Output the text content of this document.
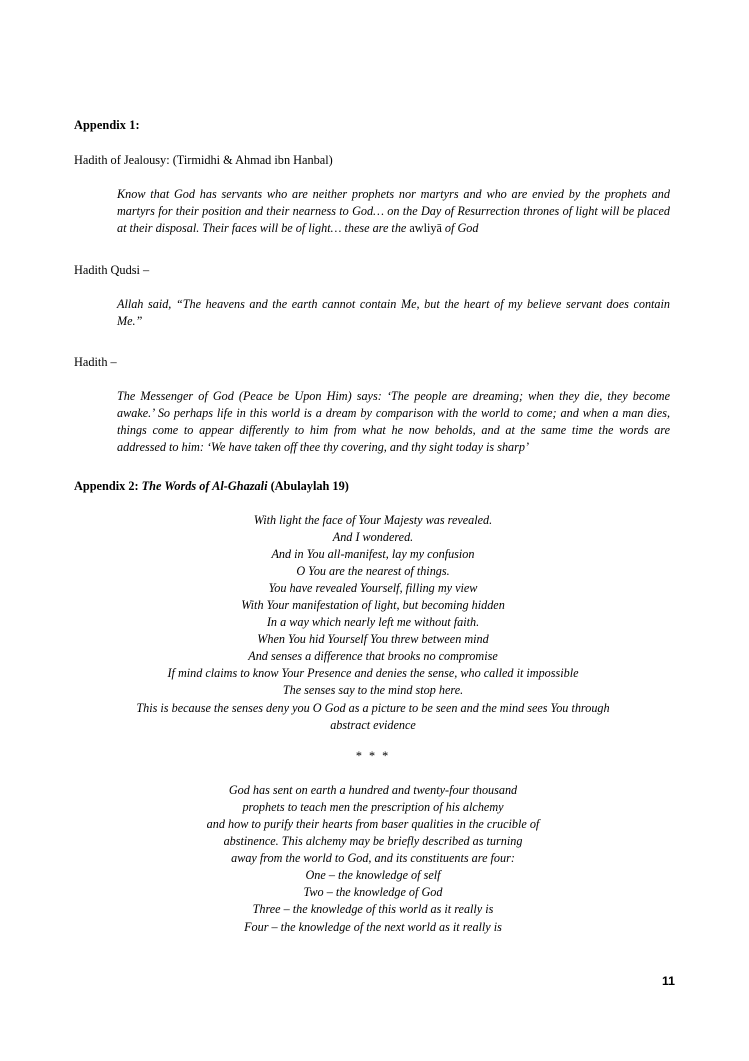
Appendix 1:
Hadith of Jealousy: (Tirmidhi & Ahmad ibn Hanbal)
Know that God has servants who are neither prophets nor martyrs and who are envied by the prophets and martyrs for their position and their nearness to God… on the Day of Resurrection thrones of light will be placed at their disposal. Their faces will be of light… these are the awliyā of God
Hadith Qudsi –
Allah said, “The heavens and the earth cannot contain Me, but the heart of my believe servant does contain Me.”
Hadith –
The Messenger of God (Peace be Upon Him) says: ‘The people are dreaming; when they die, they become awake.’ So perhaps life in this world is a dream by comparison with the world to come; and when a man dies, things come to appear differently to him from what he now beholds, and at the same time the words are addressed to him: ‘We have taken off thee thy covering, and thy sight today is sharp’
Appendix 2: The Words of Al-Ghazali (Abulaylah 19)
With light the face of Your Majesty was revealed.
And I wondered.
And in You all-manifest, lay my confusion
O You are the nearest of things.
You have revealed Yourself, filling my view
With Your manifestation of light, but becoming hidden
In a way which nearly left me without faith.
When You hid Yourself You threw between mind
And senses a difference that brooks no compromise
If mind claims to know Your Presence and denies the sense, who called it impossible
The senses say to the mind stop here.
This is because the senses deny you O God as a picture to be seen and the mind sees You through
abstract evidence
* * *
God has sent on earth a hundred and twenty-four thousand
prophets to teach men the prescription of his alchemy
and how to purify their hearts from baser qualities in the crucible of
abstinence. This alchemy may be briefly described as turning
away from the world to God, and its constituents are four:
One – the knowledge of self
Two – the knowledge of God
Three – the knowledge of this world as it really is
Four – the knowledge of the next world as it really is
11
